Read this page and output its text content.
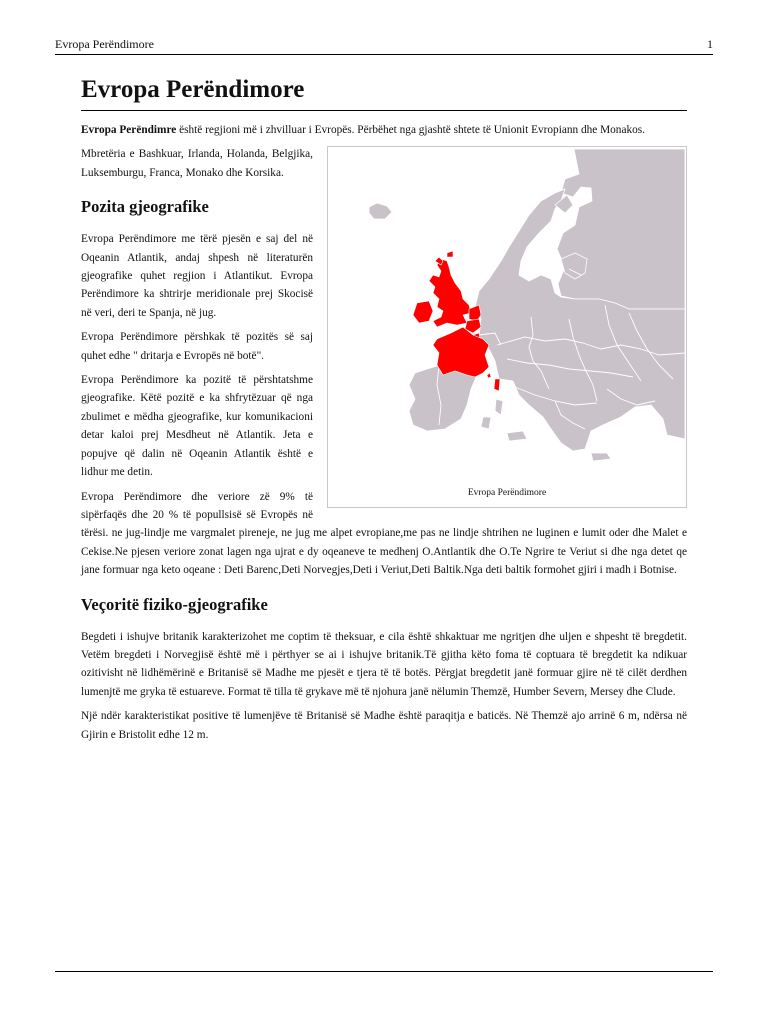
Evropa Perëndimore	1
Evropa Perëndimore

Evropa Perëndimre është regjioni më i zhvilluar i Evropës. Përbëhet nga gjashtë shtete të Unionit Evropiann dhe Monakos.

Evropa Perëndimore

Mbretëria e Bashkuar, Irlanda, Holanda, Belgjika, Luksemburgu, Franca, Monako dhe Korsika.

Pozita gjeografike

Evropa Perëndimore me tërë pjesën e saj del në Oqeanin Atlantik, andaj shpesh në literaturën gjeografike quhet regjion i Atlantikut. Evropa Perëndimore ka shtrirje meridionale prej Skocisë në veri, deri te Spanja, në jug.

Evropa Perëndimore përshkak të pozitës së saj quhet edhe " dritarja e Evropës në botë".

Evropa Perëndimore ka pozitë të përshtatshme gjeografike. Këtë pozitë e ka shfrytëzuar që nga zbulimet e mëdha gjeografike, kur komunikacioni detar kaloi prej Mesdheut në Atlantik. Jeta e popujve që dalin në Oqeanin Atlantik është e lidhur me detin.

Evropa Perëndimore dhe veriore zë 9% të sipërfaqës dhe 20 % të popullsisë së Evropës në tërësi. ne jug-lindje me vargmalet pireneje, ne jug me alpet evropiane,me pas ne lindje shtrihen ne luginen e lumit oder dhe Malet e Cekise.Ne pjesen veriore zonat lagen nga ujrat e dy oqeaneve te medhenj O.Antlantik dhe O.Te Ngrire te Veriut si dhe nga detet qe jane formuar nga keto oqeane : Deti Barenc,Deti Norvegjes,Deti i Veriut,Deti Baltik.Nga deti baltik formohet gjiri i madh i Botnise.

Veçoritë fiziko-gjeografike

Begdeti i ishujve britanik karakterizohet me coptim të theksuar, e cila është shkaktuar me ngritjen dhe uljen e shpesht të bregdetit. Vetëm bregdeti i Norvegjisë është më i përthyer se ai i ishujve britanik.Të gjitha këto foma të coptuara të bregdetit ka ndikuar ozitivisht në lidhëmërinë e Britanisë së Madhe me pjesët e tjera të të botës. Përgjat bregdetit janë formuar gjire në të cilët derdhen lumenjtë me gryka të estuareve. Format të tilla të grykave më të njohura janë nëlumin Themzë, Humber Severn, Mersey dhe Clude.

Një ndër karakteristikat positive të lumenjëve të Britanisë së Madhe është paraqitja e baticës. Në Themzë ajo arrinë 6 m, ndërsa në Gjirin e Bristolit edhe 12 m.
